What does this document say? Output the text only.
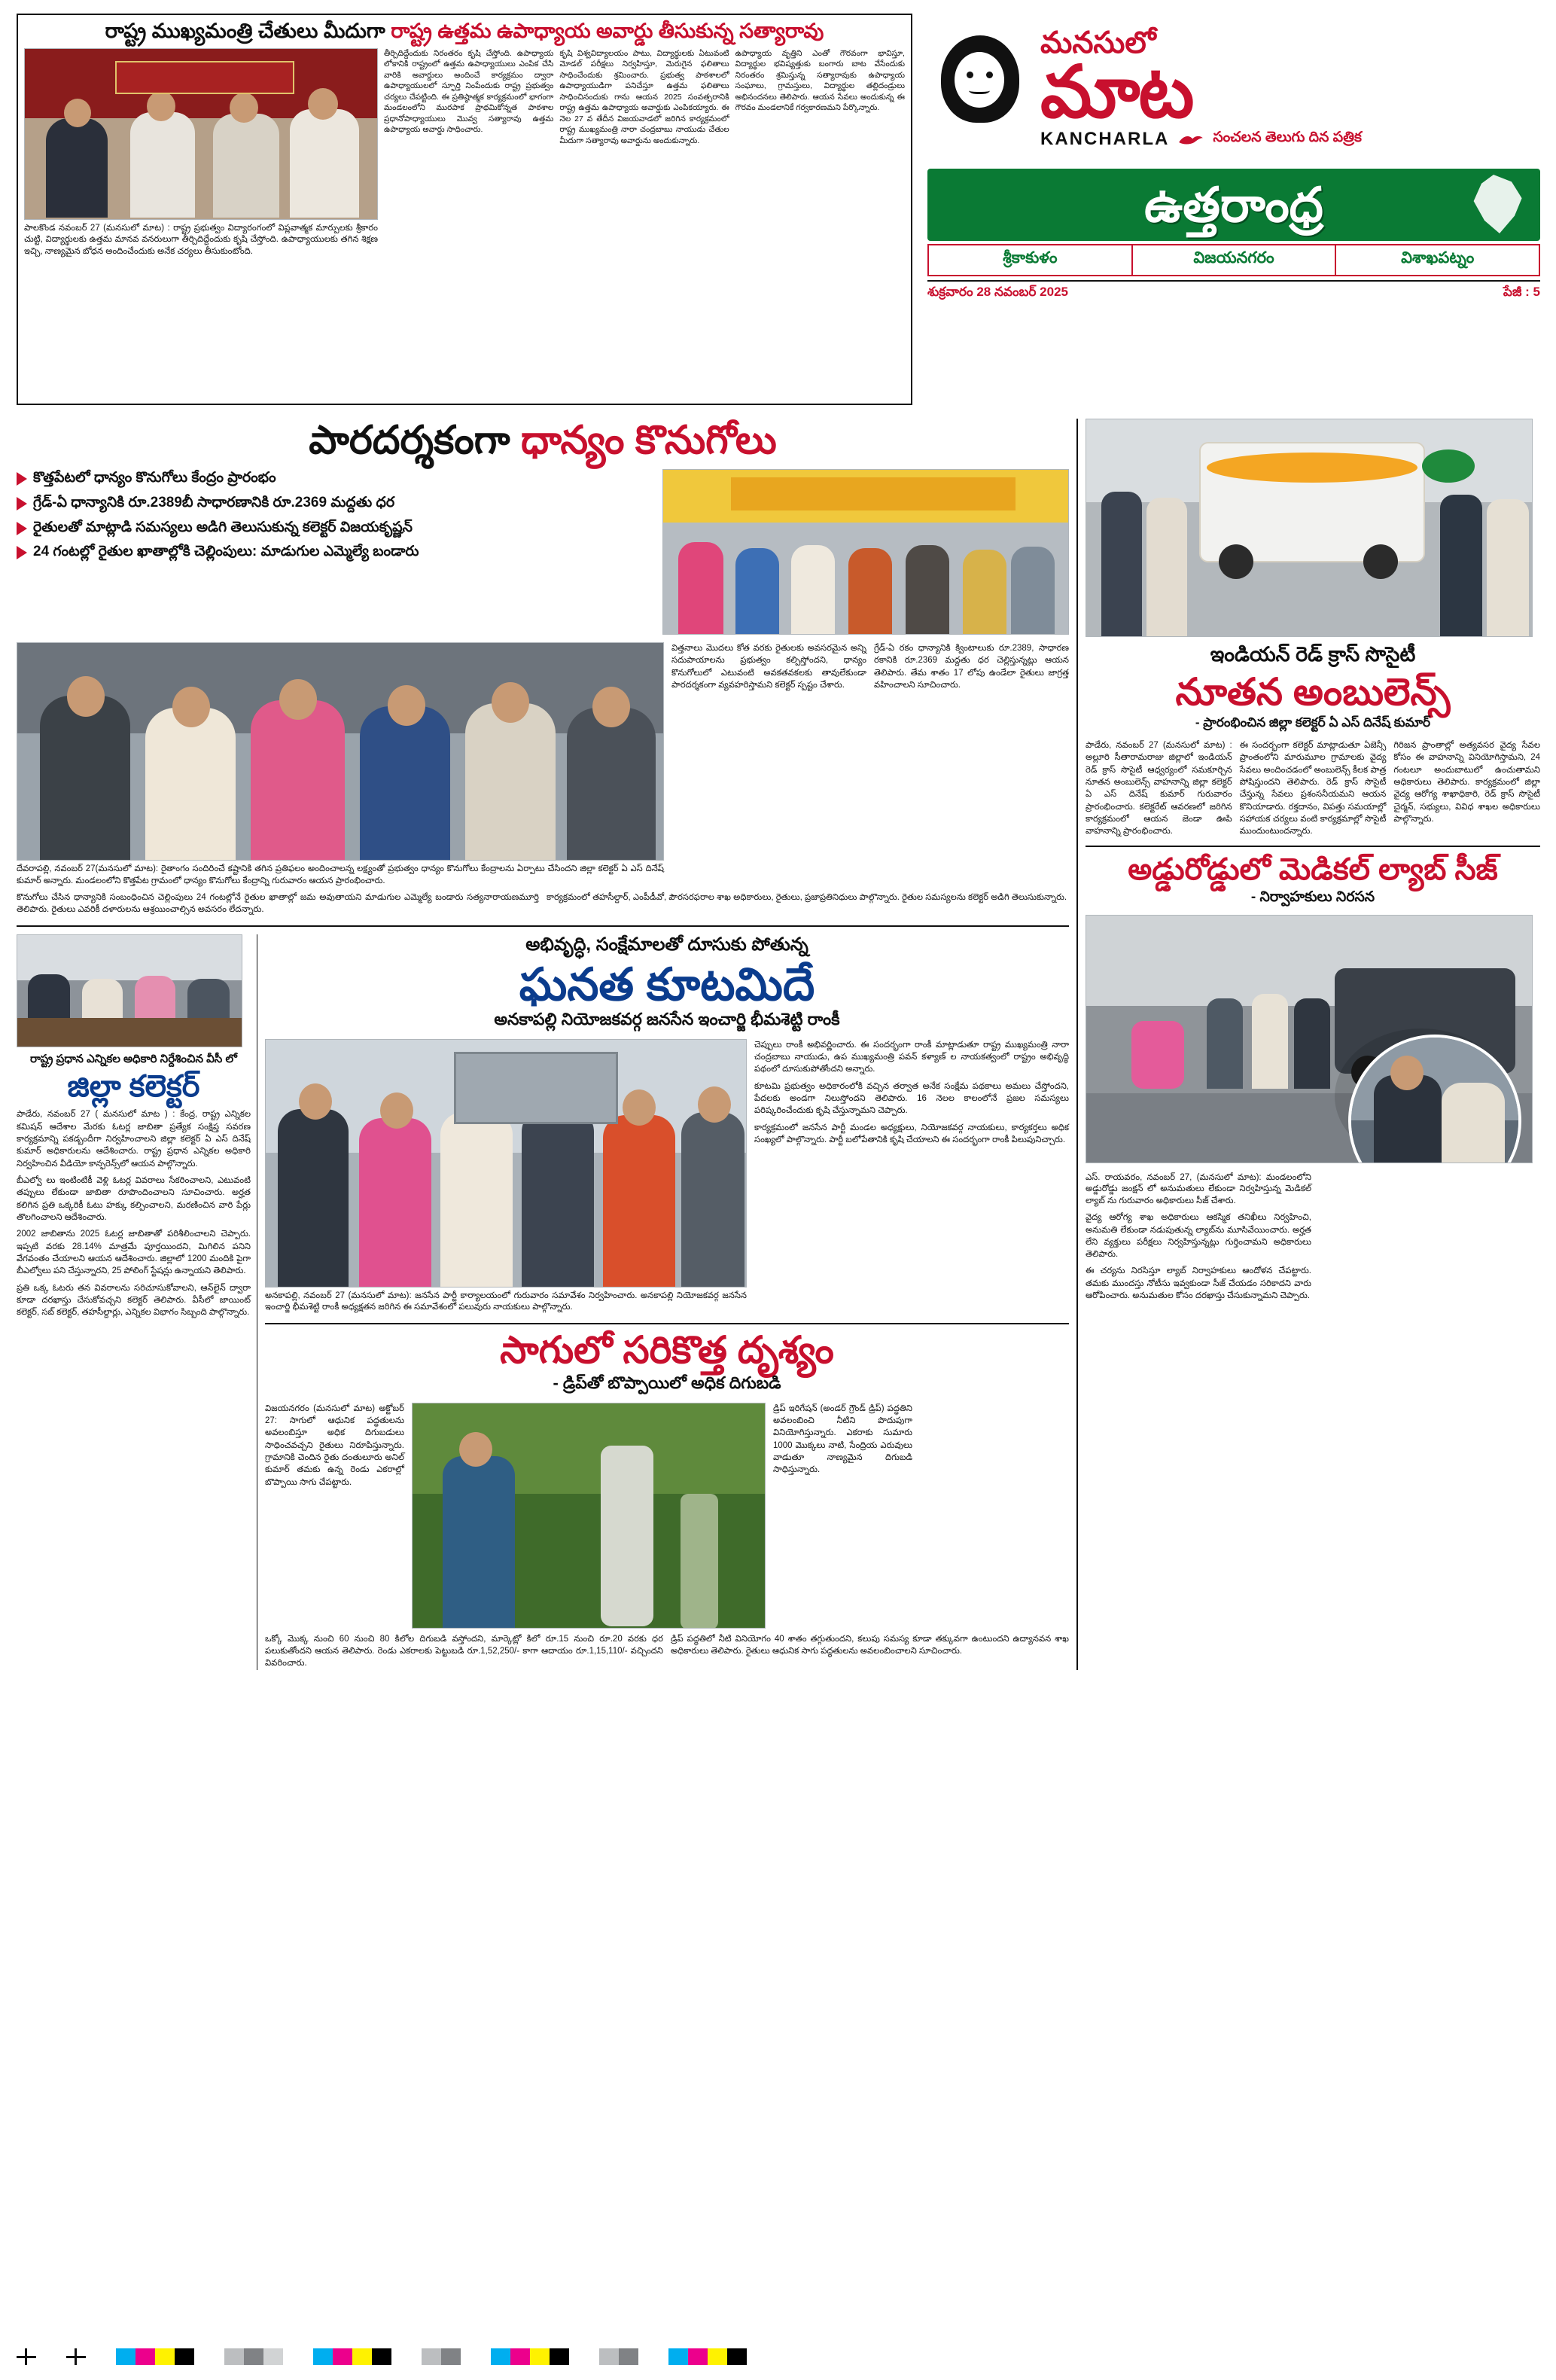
రాష్ట్ర ముఖ్యమంత్రి చేతులు మీదుగా రాష్ట్ర ఉత్తమ ఉపాధ్యాయ అవార్డు తీసుకున్న సత్యారావు
పాలకొండ నవంబర్ 27 (మనసులో మాట) : రాష్ట్ర ప్రభుత్వం విద్యారంగంలో విప్లవాత్మక మార్పులకు శ్రీకారం చుట్టి, విద్యార్థులకు ఉత్తమ మానవ వనరులుగా తీర్చిదిద్దేందుకు కృషి చేస్తోంది. ఉపాధ్యాయులకు తగిన శిక్షణ ఇచ్చి, నాణ్యమైన బోధన అందించేందుకు అనేక చర్యలు తీసుకుంటోంది.
తీర్చిదిద్దేందుకు నిరంతరం కృషి చేస్తోంది. ఉపాధ్యాయ లోకానికి రాష్ట్రంలో ఉత్తమ ఉపాధ్యాయులు ఎంపిక చేసి వారికి అవార్డులు అందించే కార్యక్రమం ద్వారా ఉపాధ్యాయులలో స్ఫూర్తి నింపేందుకు రాష్ట్ర ప్రభుత్వం చర్యలు చేపట్టింది. ఈ ప్రతిష్ఠాత్మక కార్యక్రమంలో భాగంగా మండలంలోని మురపాక ప్రాథమికోన్నత పాఠశాల ప్రధానోపాధ్యాయులు మొవ్వ సత్యారావు ఉత్తమ ఉపాధ్యాయ అవార్డు సాధించారు.
కృషి విశ్వవిద్యాలయం పాటు, విద్యార్థులకు ఏటువంటి మోడల్ పరీక్షలు నిర్వహిస్తూ, మెరుగైన ఫలితాలు సాధించేందుకు శ్రమించారు. ప్రభుత్వ పాఠశాలలో ఉపాధ్యాయుడిగా పనిచేస్తూ ఉత్తమ ఫలితాలు సాధించినందుకు గాను ఆయన 2025 సంవత్సరానికి రాష్ట్ర ఉత్తమ ఉపాధ్యాయ అవార్డుకు ఎంపికయ్యారు. ఈ నెల 27 వ తేదీన విజయవాడలో జరిగిన కార్యక్రమంలో రాష్ట్ర ముఖ్యమంత్రి నారా చంద్రబాబు నాయుడు చేతుల మీదుగా సత్యారావు అవార్డును అందుకున్నారు.
ఉపాధ్యాయ వృత్తిని ఎంతో గౌరవంగా భావిస్తూ, విద్యార్థుల భవిష్యత్తుకు బంగారు బాట వేసేందుకు నిరంతరం శ్రమిస్తున్న సత్యారావుకు ఉపాధ్యాయ సంఘాలు, గ్రామస్తులు, విద్యార్థుల తల్లిదండ్రులు అభినందనలు తెలిపారు. ఆయన సేవలు అందుకున్న ఈ గౌరవం మండలానికే గర్వకారణమని పేర్కొన్నారు.
మనసులో
మాట
KANCHARLA	సంచలన తెలుగు దిన పత్రిక
ఉత్తరాంధ్ర
శ్రీకాకుళం	విజయనగరం	విశాఖపట్నం
శుక్రవారం 28 నవంబర్ 2025	పేజీ : 5
పారదర్శకంగా ధాన్యం కొనుగోలు
కొత్తపేటలో ధాన్యం కొనుగోలు కేంద్రం ప్రారంభం
గ్రేడ్-ఏ ధాన్యానికి రూ.2389బీ సాధారణానికి రూ.2369 మద్దతు ధర
రైతులతో మాట్లాడి సమస్యలు అడిగి తెలుసుకున్న కలెక్టర్ విజయకృష్ణన్
24 గంటల్లో రైతుల ఖాతాల్లోకి చెల్లింపులు: మాడుగుల ఎమ్మెల్యే బండారు
దేవరాపల్లి, నవంబర్ 27(మనసులో మాట): రైతాంగం సందిరించే కష్టానికి తగిన ప్రతిఫలం అందించాలన్న లక్ష్యంతో ప్రభుత్వం ధాన్యం కొనుగోలు కేంద్రాలను ఏర్పాటు చేసిందని జిల్లా కలెక్టర్ ఏ ఎస్ దినేష్ కుమార్ అన్నారు. మండలంలోని కొత్తపేట గ్రామంలో ధాన్యం కొనుగోలు కేంద్రాన్ని గురువారం ఆయన ప్రారంభించారు.
విత్తనాలు మొదలు కోత వరకు రైతులకు అవసరమైన అన్ని సదుపాయాలను ప్రభుత్వం కల్పిస్తోందని, ధాన్యం కొనుగోలులో ఎటువంటి అవకతవకలకు తావులేకుండా పారదర్శకంగా వ్యవహరిస్తామని కలెక్టర్ స్పష్టం చేశారు.
గ్రేడ్-ఏ రకం ధాన్యానికి క్వింటాలుకు రూ.2389, సాధారణ రకానికి రూ.2369 మద్దతు ధర చెల్లిస్తున్నట్లు ఆయన తెలిపారు. తేమ శాతం 17 లోపు ఉండేలా రైతులు జాగ్రత్త వహించాలని సూచించారు.
కొనుగోలు చేసిన ధాన్యానికి సంబంధించిన చెల్లింపులు 24 గంటల్లోనే రైతుల ఖాతాల్లో జమ అవుతాయని మాడుగుల ఎమ్మెల్యే బండారు సత్యనారాయణమూర్తి తెలిపారు. రైతులు ఎవరికీ దళారులను ఆశ్రయించాల్సిన అవసరం లేదన్నారు.
కార్యక్రమంలో తహసీల్దార్, ఎంపీడీవో, పౌరసరఫరాల శాఖ అధికారులు, రైతులు, ప్రజాప్రతినిధులు పాల్గొన్నారు. రైతుల సమస్యలను కలెక్టర్ అడిగి తెలుసుకున్నారు.
రాష్ట్ర ప్రధాన ఎన్నికల అధికారి నిర్దేశించిన వీసీ లో
జిల్లా కలెక్టర్
పాడేరు, నవంబర్ 27 ( మనసులో మాట ) : కేంద్ర, రాష్ట్ర ఎన్నికల కమిషన్ ఆదేశాల మేరకు ఓటర్ల జాబితా ప్రత్యేక సంక్షిప్త సవరణ కార్యక్రమాన్ని పకడ్బందీగా నిర్వహించాలని జిల్లా కలెక్టర్ ఏ ఎస్ దినేష్ కుమార్ అధికారులను ఆదేశించారు. రాష్ట్ర ప్రధాన ఎన్నికల అధికారి నిర్వహించిన వీడియో కాన్ఫరెన్స్‌లో ఆయన పాల్గొన్నారు.
బీఎల్వో లు ఇంటింటికీ వెళ్లి ఓటర్ల వివరాలు సేకరించాలని, ఎటువంటి తప్పులు లేకుండా జాబితా రూపొందించాలని సూచించారు. అర్హత కలిగిన ప్రతి ఒక్కరికీ ఓటు హక్కు కల్పించాలని, మరణించిన వారి పేర్లు తొలగించాలని ఆదేశించారు.
2002 జాబితాను 2025 ఓటర్ల జాబితాతో పరిశీలించాలని చెప్పారు. ఇప్పటి వరకు 28.14% మాత్రమే పూర్తయిందని, మిగిలిన పనిని వేగవంతం చేయాలని ఆయన ఆదేశించారు. జిల్లాలో 1200 మందికి పైగా బీఎల్వోలు పని చేస్తున్నారని, 25 పోలింగ్ స్టేషన్లు ఉన్నాయని తెలిపారు.
ప్రతి ఒక్క ఓటరు తన వివరాలను సరిచూసుకోవాలని, ఆన్‌లైన్ ద్వారా కూడా దరఖాస్తు చేసుకోవచ్చని కలెక్టర్ తెలిపారు. వీసీలో జాయింట్ కలెక్టర్, సబ్ కలెక్టర్, తహసీల్దార్లు, ఎన్నికల విభాగం సిబ్బంది పాల్గొన్నారు.
అభివృద్ధి, సంక్షేమాలతో దూసుకు పోతున్న
ఘనత కూటమిదే
అనకాపల్లి నియోజకవర్గ జనసేన ఇంచార్జి భీమశెట్టి రాంకీ
అనకాపల్లి, నవంబర్ 27 (మనసులో మాట): జనసేన పార్టీ కార్యాలయంలో గురువారం సమావేశం నిర్వహించారు. అనకాపల్లి నియోజకవర్గ జనసేన ఇంచార్జి భీమశెట్టి రాంకీ అధ్యక్షతన జరిగిన ఈ సమావేశంలో పలువురు నాయకులు పాల్గొన్నారు.
చెప్పులు రాంకీ అభివర్ణించారు. ఈ సందర్భంగా రాంకీ మాట్లాడుతూ రాష్ట్ర ముఖ్యమంత్రి నారా చంద్రబాబు నాయుడు, ఉప ముఖ్యమంత్రి పవన్ కళ్యాణ్ ల నాయకత్వంలో రాష్ట్రం అభివృద్ధి పథంలో దూసుకుపోతోందని అన్నారు.
కూటమి ప్రభుత్వం అధికారంలోకి వచ్చిన తర్వాత అనేక సంక్షేమ పథకాలు అమలు చేస్తోందని, పేదలకు అండగా నిలుస్తోందని తెలిపారు. 16 నెలల కాలంలోనే ప్రజల సమస్యలు పరిష్కరించేందుకు కృషి చేస్తున్నామని చెప్పారు.
కార్యక్రమంలో జనసేన పార్టీ మండల అధ్యక్షులు, నియోజకవర్గ నాయకులు, కార్యకర్తలు అధిక సంఖ్యలో పాల్గొన్నారు. పార్టీ బలోపేతానికి కృషి చేయాలని ఈ సందర్భంగా రాంకీ పిలుపునిచ్చారు.
సాగులో సరికొత్త దృశ్యం
- డ్రిప్‌తో బొప్పాయిలో అధిక దిగుబడి
విజయనగరం (మనసులో మాట) అక్టోబర్ 27: సాగులో ఆధునిక పద్ధతులను అవలంబిస్తూ అధిక దిగుబడులు సాధించవచ్చని రైతులు నిరూపిస్తున్నారు. గ్రామానికి చెందిన రైతు దంతులూరు అనిల్ కుమార్ తమకు ఉన్న రెండు ఎకరాల్లో బొప్పాయి సాగు చేపట్టారు.
డ్రిప్ ఇరిగేషన్ (అండర్ గ్రౌండ్ డ్రిప్) పద్ధతిని అవలంబించి నీటిని పొదుపుగా వినియోగిస్తున్నారు. ఎకరాకు సుమారు 1000 మొక్కలు నాటి, సేంద్రియ ఎరువులు వాడుతూ నాణ్యమైన దిగుబడి సాధిస్తున్నారు.
ఒక్కో మొక్క నుంచి 60 నుంచి 80 కిలోల దిగుబడి వస్తోందని, మార్కెట్లో కిలో రూ.15 నుంచి రూ.20 వరకు ధర పలుకుతోందని ఆయన తెలిపారు. రెండు ఎకరాలకు పెట్టుబడి రూ.1,52,250/- కాగా ఆదాయం రూ.1,15,110/- వచ్చిందని వివరించారు.
డ్రిప్ పద్ధతిలో నీటి వినియోగం 40 శాతం తగ్గుతుందని, కలుపు సమస్య కూడా తక్కువగా ఉంటుందని ఉద్యానవన శాఖ అధికారులు తెలిపారు. రైతులు ఆధునిక సాగు పద్ధతులను అవలంబించాలని సూచించారు.
ఇండియన్ రెడ్ క్రాస్ సొసైటీ
నూతన అంబులెన్స్
- ప్రారంభించిన జిల్లా కలెక్టర్ ఏ ఎస్ దినేష్ కుమార్
పాడేరు, నవంబర్ 27 (మనసులో మాట) : అల్లూరి సీతారామరాజు జిల్లాలో ఇండియన్ రెడ్ క్రాస్ సొసైటీ ఆధ్వర్యంలో సమకూర్చిన నూతన అంబులెన్స్ వాహనాన్ని జిల్లా కలెక్టర్ ఏ ఎస్ దినేష్ కుమార్ గురువారం ప్రారంభించారు. కలెక్టరేట్ ఆవరణలో జరిగిన కార్యక్రమంలో ఆయన జెండా ఊపి వాహనాన్ని ప్రారంభించారు.
ఈ సందర్భంగా కలెక్టర్ మాట్లాడుతూ ఏజెన్సీ ప్రాంతంలోని మారుమూల గ్రామాలకు వైద్య సేవలు అందించడంలో అంబులెన్స్ కీలక పాత్ర పోషిస్తుందని తెలిపారు. రెడ్ క్రాస్ సొసైటీ చేస్తున్న సేవలు ప్రశంసనీయమని ఆయన కొనియాడారు. రక్తదానం, విపత్తు సమయాల్లో సహాయక చర్యలు వంటి కార్యక్రమాల్లో సొసైటీ ముందుంటుందన్నారు.
గిరిజన ప్రాంతాల్లో అత్యవసర వైద్య సేవల కోసం ఈ వాహనాన్ని వినియోగిస్తామని, 24 గంటలూ అందుబాటులో ఉంచుతామని అధికారులు తెలిపారు. కార్యక్రమంలో జిల్లా వైద్య ఆరోగ్య శాఖాధికారి, రెడ్ క్రాస్ సొసైటీ చైర్మన్, సభ్యులు, వివిధ శాఖల అధికారులు పాల్గొన్నారు.
అడ్డురోడ్డులో మెడికల్ ల్యాబ్ సీజ్
- నిర్వాహకులు నిరసన
ఎస్. రాయవరం, నవంబర్ 27, (మనసులో మాట): మండలంలోని అడ్డురోడ్డు జంక్షన్ లో అనుమతులు లేకుండా నిర్వహిస్తున్న మెడికల్ ల్యాబ్ ను గురువారం అధికారులు సీజ్ చేశారు.
వైద్య ఆరోగ్య శాఖ అధికారులు ఆకస్మిక తనిఖీలు నిర్వహించి, అనుమతి లేకుండా నడుపుతున్న ల్యాబ్‌ను మూసివేయించారు. అర్హత లేని వ్యక్తులు పరీక్షలు నిర్వహిస్తున్నట్లు గుర్తించామని అధికారులు తెలిపారు.
ఈ చర్యను నిరసిస్తూ ల్యాబ్ నిర్వాహకులు ఆందోళన చేపట్టారు. తమకు ముందస్తు నోటీసు ఇవ్వకుండా సీజ్ చేయడం సరికాదని వారు ఆరోపించారు. అనుమతుల కోసం దరఖాస్తు చేసుకున్నామని చెప్పారు.
